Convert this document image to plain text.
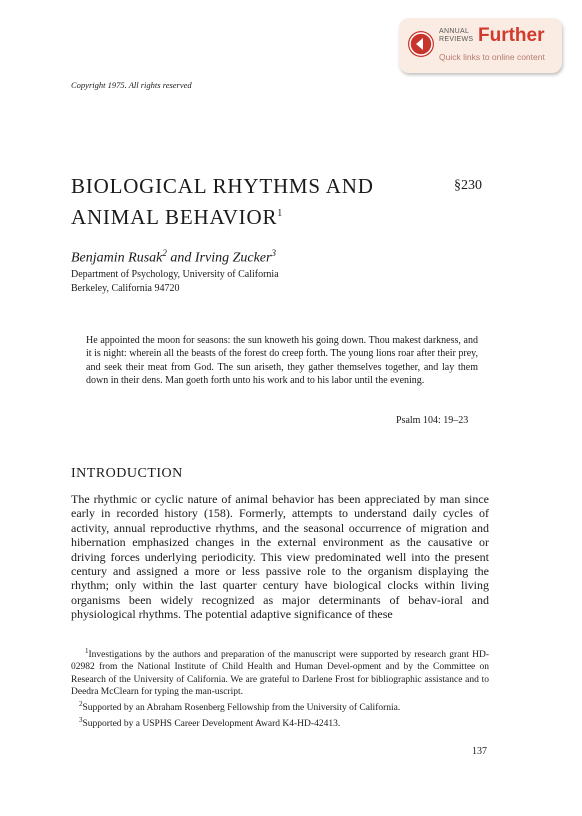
ANNUAL
REVIEWS Further
Quick links to online content
Copyright 1975. All rights reserved
BIOLOGICAL RHYTHMS AND
ANIMAL BEHAVIOR$^1$
§230
Benjamin Rusak$^2$ and Irving Zucker$^3$
Department of Psychology, University of California
Berkeley, California 94720
He appointed the moon for seasons: the sun knoweth his going down. Thou makest darkness, and it is night: wherein all the beasts of the forest do creep forth. The young lions roar after their prey, and seek their meat from God. The sun ariseth, they gather themselves together, and lay them down in their dens. Man goeth forth unto his work and to his labor until the evening.
Psalm 104: 19–23
INTRODUCTION
The rhythmic or cyclic nature of animal behavior has been appreciated by man since early in recorded history (158). Formerly, attempts to understand daily cycles of activity, annual reproductive rhythms, and the seasonal occurrence of migration and hibernation emphasized changes in the external environment as the causative or driving forces underlying periodicity. This view predominated well into the present century and assigned a more or less passive role to the organism displaying the rhythm; only within the last quarter century have biological clocks within living organisms been widely recognized as major determinants of behav-ioral and physiological rhythms. The potential adaptive significance of these

$^1$Investigations by the authors and preparation of the manuscript were supported by research grant HD-02982 from the National Institute of Child Health and Human Devel-opment and by the Committee on Research of the University of California. We are grateful to Darlene Frost for bibliographic assistance and to Deedra McClearn for typing the man-uscript.

$^2$Supported by an Abraham Rosenberg Fellowship from the University of California.

$^3$Supported by a USPHS Career Development Award K4-HD-42413.

137
